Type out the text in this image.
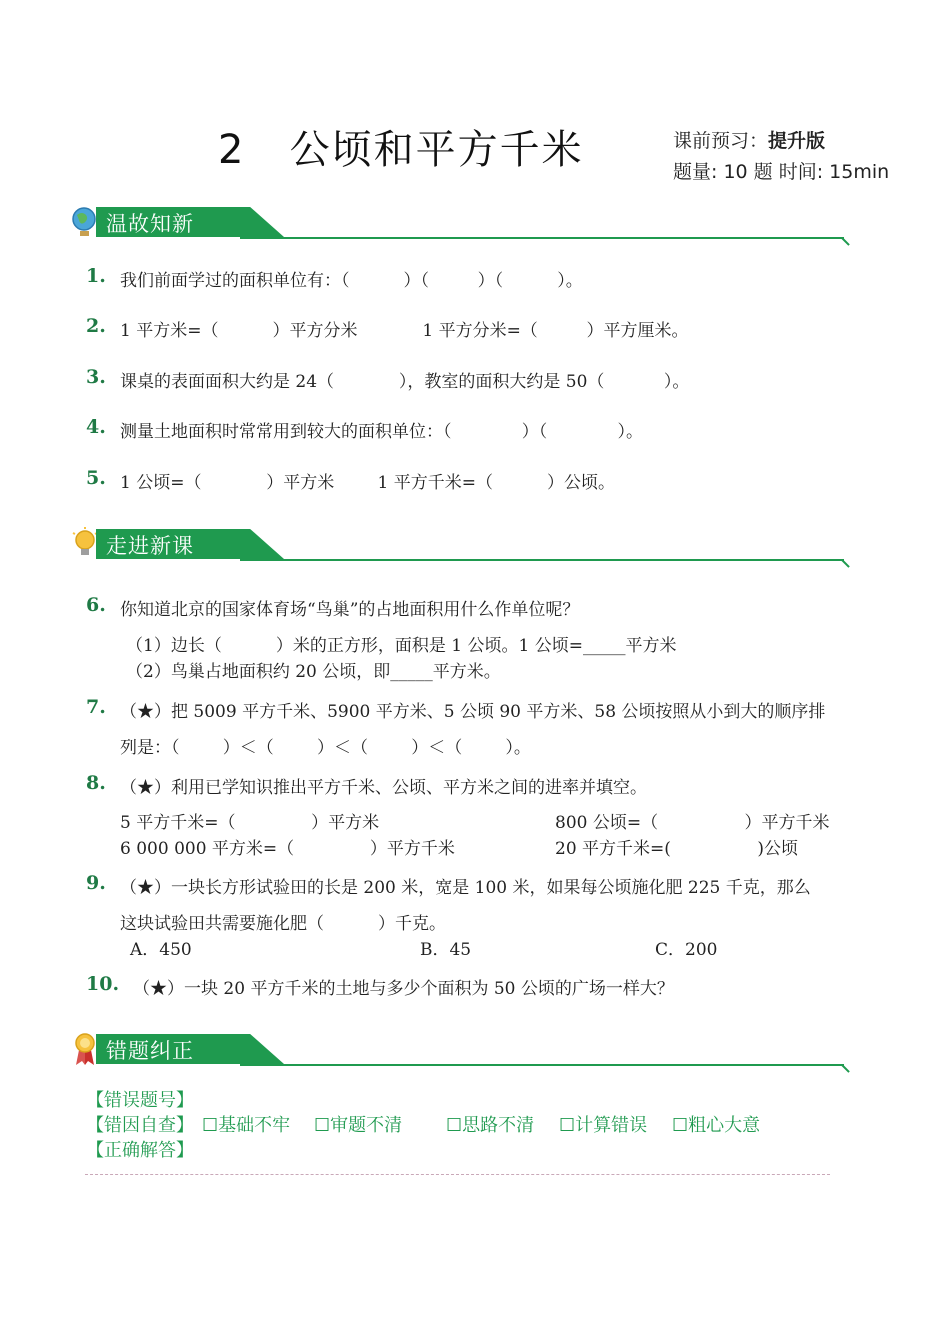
2   公顷和平方千米	课前预习：提升版
题量: 10 题 时间: 15min
温故知新
1. 我们前面学过的面积单位有：（          ）（         ）（          ）。
2. 1 平方米=（          ）平方分米            1 平方分米=（         ）平方厘米。
3. 课桌的表面面积大约是 24（            ），教室的面积大约是 50（           ）。
4. 测量土地面积时常常用到较大的面积单位：（             ）（             ）。
5. 1 公顷=（            ）平方米        1 平方千米=（          ）公顷。
走进新课
6. 你知道北京的国家体育场“鸟巢”的占地面积用什么作单位呢？
（1）边长（          ）米的正方形，面积是 1 公顷。1 公顷=_____平方米
（2）鸟巢占地面积约 20 公顷，即_____平方米。
7. （★）把 5009 平方千米、5900 平方米、5 公顷 90 平方米、58 公顷按照从小到大的顺序排
列是：（        ）＜（        ）＜（        ）＜（        ）。
8. （★）利用已学知识推出平方千米、公顷、平方米之间的进率并填空。
5 平方千米=（              ）平方米	800 公顷=（                ）平方千米
6 000 000 平方米=（              ）平方千米	20 平方千米=(                )公顷
9. （★）一块长方形试验田的长是 200 米，宽是 100 米，如果每公顷施化肥 225 千克，那么
这块试验田共需要施化肥（          ）千克。
A．450	B．45	C．200
10. （★）一块 20 平方千米的土地与多少个面积为 50 公顷的广场一样大？
错题纠正
【错误题号】
【错因自查】 ☐基础不牢 ☐审题不清 ☐思路不清 ☐计算错误 ☐粗心大意
【正确解答】
